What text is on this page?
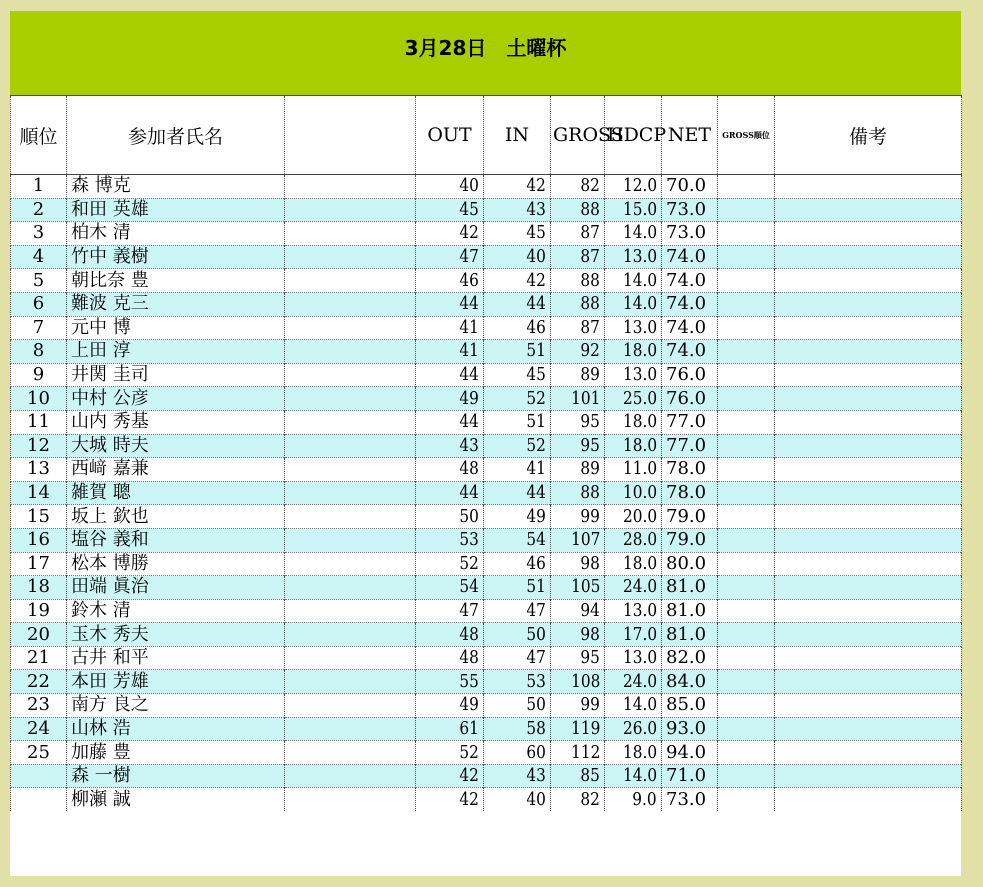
3月28日　土曜杯
順位	参加者氏名		OUT	IN	GROSS	HDCP	NET	GROSS順位	備考
1	森 博克		40	42	82	12.0	70.0		
2	和田 英雄		45	43	88	15.0	73.0		
3	柏木 清		42	45	87	14.0	73.0		
4	竹中 義樹		47	40	87	13.0	74.0		
5	朝比奈 豊		46	42	88	14.0	74.0		
6	難波 克三		44	44	88	14.0	74.0		
7	元中 博		41	46	87	13.0	74.0		
8	上田 淳		41	51	92	18.0	74.0		
9	井関 圭司		44	45	89	13.0	76.0		
10	中村 公彦		49	52	101	25.0	76.0		
11	山内 秀基		44	51	95	18.0	77.0		
12	大城 時夫		43	52	95	18.0	77.0		
13	西﨑 嘉兼		48	41	89	11.0	78.0		
14	雑賀 聰		44	44	88	10.0	78.0		
15	坂上 欽也		50	49	99	20.0	79.0		
16	塩谷 義和		53	54	107	28.0	79.0		
17	松本 博勝		52	46	98	18.0	80.0		
18	田端 眞治		54	51	105	24.0	81.0		
19	鈴木 清		47	47	94	13.0	81.0		
20	玉木 秀夫		48	50	98	17.0	81.0		
21	古井 和平		48	47	95	13.0	82.0		
22	本田 芳雄		55	53	108	24.0	84.0		
23	南方 良之		49	50	99	14.0	85.0		
24	山林 浩		61	58	119	26.0	93.0		
25	加藤 豊		52	60	112	18.0	94.0		
	森 一樹		42	43	85	14.0	71.0		
	柳瀬 誠		42	40	82	9.0	73.0		
